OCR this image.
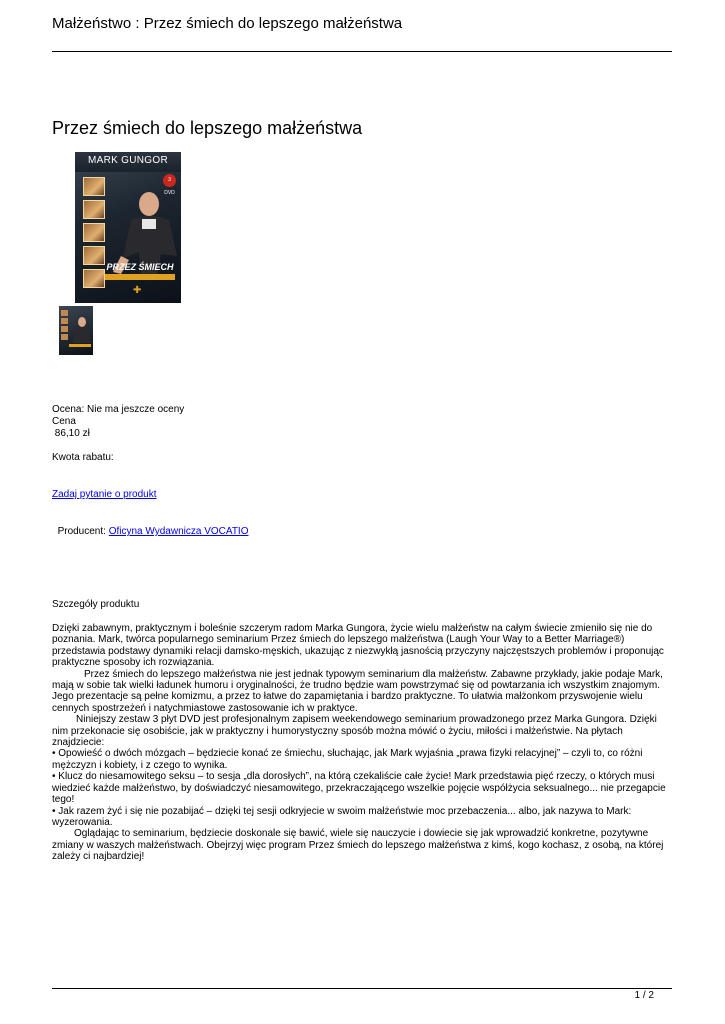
Małżeństwo : Przez śmiech do lepszego małżeństwa
Przez śmiech do lepszego małżeństwa
MARK GUNGOR
3 DVD
PRZEZ ŚMIECH
✚
Ocena: Nie ma jeszcze oceny
Cena
86,10 zł
Kwota rabatu:
Zadaj pytanie o produkt

Producent: Oficyna Wydawnicza VOCATIO

Szczegóły produktu

Dzięki zabawnym, praktycznym i boleśnie szczerym radom Marka Gungora, życie wielu małżeństw na całym świecie zmieniło się nie do poznania. Mark, twórca popularnego seminarium Przez śmiech do lepszego małżeństwa (Laugh Your Way to a Better Marriage®) przedstawia podstawy dynamiki relacji damsko-męskich, ukazując z niezwykłą jasnością przyczyny najczęstszych problemów i proponując praktyczne sposoby ich rozwiązania.

Przez śmiech do lepszego małżeństwa nie jest jednak typowym seminarium dla małżeństw. Zabawne przykłady, jakie podaje Mark, mają w sobie tak wielki ładunek humoru i oryginalności, że trudno będzie wam powstrzymać się od powtarzania ich wszystkim znajomym. Jego prezentacje są pełne komizmu, a przez to łatwe do zapamiętania i bardzo praktyczne. To ułatwia małżonkom przyswojenie wielu cennych spostrzeżeń i natychmiastowe zastosowanie ich w praktyce.

Niniejszy zestaw 3 płyt DVD jest profesjonalnym zapisem weekendowego seminarium prowadzonego przez Marka Gungora. Dzięki nim przekonacie się osobiście, jak w praktyczny i humorystyczny sposób można mówić o życiu, miłości i małżeństwie. Na płytach znajdziecie:

• Opowieść o dwóch mózgach – będziecie konać ze śmiechu, słuchając, jak Mark wyjaśnia „prawa fizyki relacyjnej” – czyli to, co różni mężczyzn i kobiety, i z czego to wynika.

• Klucz do niesamowitego seksu – to sesja „dla dorosłych”, na którą czekaliście całe życie! Mark przedstawia pięć rzeczy, o których musi wiedzieć każde małżeństwo, by doświadczyć niesamowitego, przekraczającego wszelkie pojęcie współżycia seksualnego... nie przegapcie tego!

• Jak razem żyć i się nie pozabijać – dzięki tej sesji odkryjecie w swoim małżeństwie moc przebaczenia... albo, jak nazywa to Mark: wyzerowania.

Oglądając to seminarium, będziecie doskonale się bawić, wiele się nauczycie i dowiecie się jak wprowadzić konkretne, pozytywne zmiany w waszych małżeństwach. Obejrzyj więc program Przez śmiech do lepszego małżeństwa z kimś, kogo kochasz, z osobą, na której zależy ci najbardziej!

1 / 2
